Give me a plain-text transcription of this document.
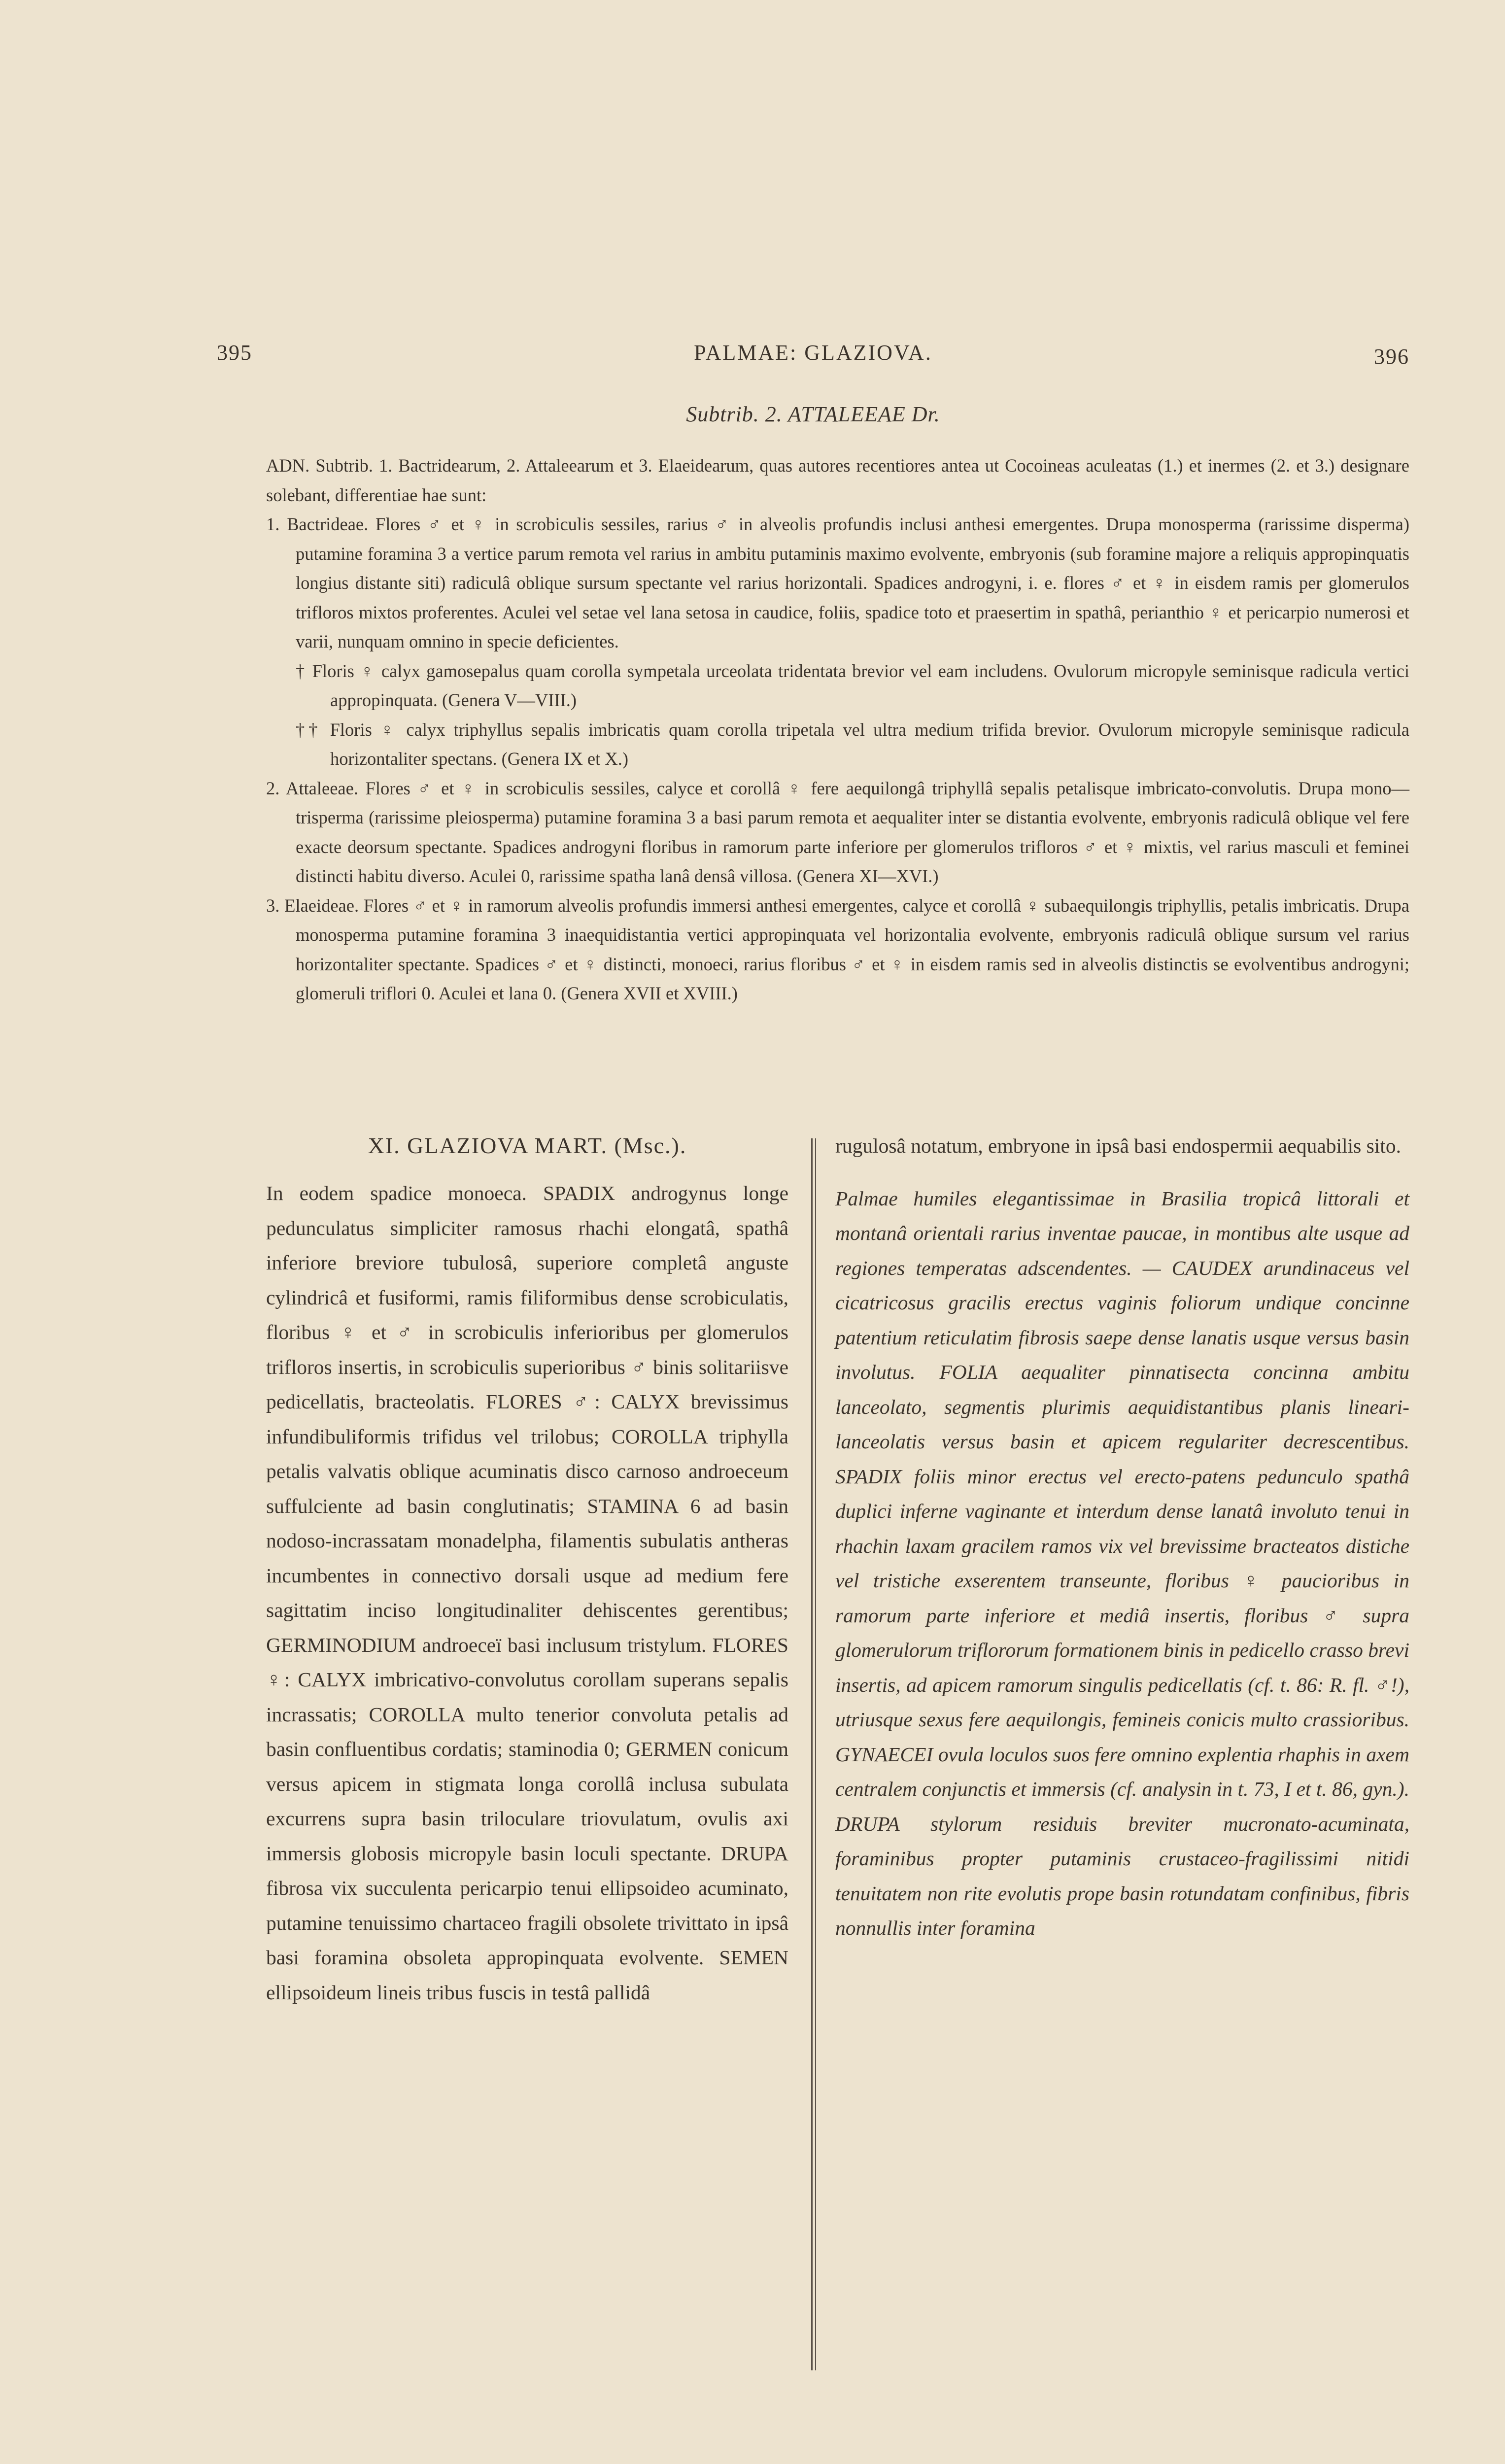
395	PALMAE: GLAZIOVA.	396
Subtrib. 2. ATTALEEAE Dr.

ADN. Subtrib. 1. Bactridearum, 2. Attaleearum et 3. Elaeidearum, quas autores recentiores antea ut Cocoineas aculeatas (1.) et inermes (2. et 3.) designare solebant, differentiae hae sunt:

1. Bactrideae. Flores ♂ et ♀ in scrobiculis sessiles, rarius ♂ in alveolis profundis inclusi anthesi emergentes. Drupa monosperma (rarissime disperma) putamine foramina 3 a vertice parum remota vel rarius in ambitu putaminis maximo evolvente, embryonis (sub foramine majore a reliquis appropinquatis longius distante siti) radiculâ oblique sursum spectante vel rarius horizontali. Spadices androgyni, i. e. flores ♂ et ♀ in eisdem ramis per glomerulos trifloros mixtos proferentes. Aculei vel setae vel lana setosa in caudice, foliis, spadice toto et praesertim in spathâ, perianthio ♀ et pericarpio numerosi et varii, nunquam omnino in specie deficientes.

† Floris ♀ calyx gamosepalus quam corolla sympetala urceolata tridentata brevior vel eam includens. Ovulorum micropyle seminisque radicula vertici appropinquata. (Genera V—VIII.)

†† Floris ♀ calyx triphyllus sepalis imbricatis quam corolla tripetala vel ultra medium trifida brevior. Ovulorum micropyle seminisque radicula horizontaliter spectans. (Genera IX et X.)

2. Attaleeae. Flores ♂ et ♀ in scrobiculis sessiles, calyce et corollâ ♀ fere aequilongâ triphyllâ sepalis petalisque imbricato-convolutis. Drupa mono—trisperma (rarissime pleiosperma) putamine foramina 3 a basi parum remota et aequaliter inter se distantia evolvente, embryonis radiculâ oblique vel fere exacte deorsum spectante. Spadices androgyni floribus in ramorum parte inferiore per glomerulos trifloros ♂ et ♀ mixtis, vel rarius masculi et feminei distincti habitu diverso. Aculei 0, rarissime spatha lanâ densâ villosa. (Genera XI—XVI.)

3. Elaeideae. Flores ♂ et ♀ in ramorum alveolis profundis immersi anthesi emergentes, calyce et corollâ ♀ subaequilongis triphyllis, petalis imbricatis. Drupa monosperma putamine foramina 3 inaequidistantia vertici appropinquata vel horizontalia evolvente, embryonis radiculâ oblique sursum vel rarius horizontaliter spectante. Spadices ♂ et ♀ distincti, monoeci, rarius floribus ♂ et ♀ in eisdem ramis sed in alveolis distinctis se evolventibus androgyni; glomeruli triflori 0. Aculei et lana 0. (Genera XVII et XVIII.)

XI. GLAZIOVA MART. (Msc.).

In eodem spadice monoeca. SPADIX androgynus longe pedunculatus simpliciter ramosus rhachi elongatâ, spathâ inferiore breviore tubulosâ, superiore completâ anguste cylindricâ et fusiformi, ramis filiformibus dense scrobiculatis, floribus ♀ et ♂ in scrobiculis inferioribus per glomerulos trifloros insertis, in scrobiculis superioribus ♂ binis solitariisve pedicellatis, bracteolatis. FLORES ♂: CALYX brevissimus infundibuliformis trifidus vel trilobus; COROLLA triphylla petalis valvatis oblique acuminatis disco carnoso androeceum suffulciente ad basin conglutinatis; STAMINA 6 ad basin nodoso-incrassatam monadelpha, filamentis subulatis antheras incumbentes in connectivo dorsali usque ad medium fere sagittatim inciso longitudinaliter dehiscentes gerentibus; GERMINODIUM androeceï basi inclusum tristylum. FLORES ♀: CALYX imbricativo-convolutus corollam superans sepalis incrassatis; COROLLA multo tenerior convoluta petalis ad basin confluentibus cordatis; staminodia 0; GERMEN conicum versus apicem in stigmata longa corollâ inclusa subulata excurrens supra basin triloculare triovulatum, ovulis axi immersis globosis micropyle basin loculi spectante. DRUPA fibrosa vix succulenta pericarpio tenui ellipsoideo acuminato, putamine tenuissimo chartaceo fragili obsolete trivittato in ipsâ basi foramina obsoleta appropinquata evolvente. SEMEN ellipsoideum lineis tribus fuscis in testâ pallidâ

rugulosâ notatum, embryone in ipsâ basi endospermii aequabilis sito.

Palmae humiles elegantissimae in Brasilia tropicâ littorali et montanâ orientali rarius inventae paucae, in montibus alte usque ad regiones temperatas adscendentes. — CAUDEX arundinaceus vel cicatricosus gracilis erectus vaginis foliorum undique concinne patentium reticulatim fibrosis saepe dense lanatis usque versus basin involutus. FOLIA aequaliter pinnatisecta concinna ambitu lanceolato, segmentis plurimis aequidistantibus planis lineari-lanceolatis versus basin et apicem regulariter decrescentibus. SPADIX foliis minor erectus vel erecto-patens pedunculo spathâ duplici inferne vaginante et interdum dense lanatâ involuto tenui in rhachin laxam gracilem ramos vix vel brevissime bracteatos distiche vel tristiche exserentem transeunte, floribus ♀ paucioribus in ramorum parte inferiore et mediâ insertis, floribus ♂ supra glomerulorum triflororum formationem binis in pedicello crasso brevi insertis, ad apicem ramorum singulis pedicellatis (cf. t. 86: R. fl. ♂!), utriusque sexus fere aequilongis, femineis conicis multo crassioribus. GYNAECEI ovula loculos suos fere omnino explentia rhaphis in axem centralem conjunctis et immersis (cf. analysin in t. 73, I et t. 86, gyn.). DRUPA stylorum residuis breviter mucronato-acuminata, foraminibus propter putaminis crustaceo-fragilissimi nitidi tenuitatem non rite evolutis prope basin rotundatam confinibus, fibris nonnullis inter foramina
